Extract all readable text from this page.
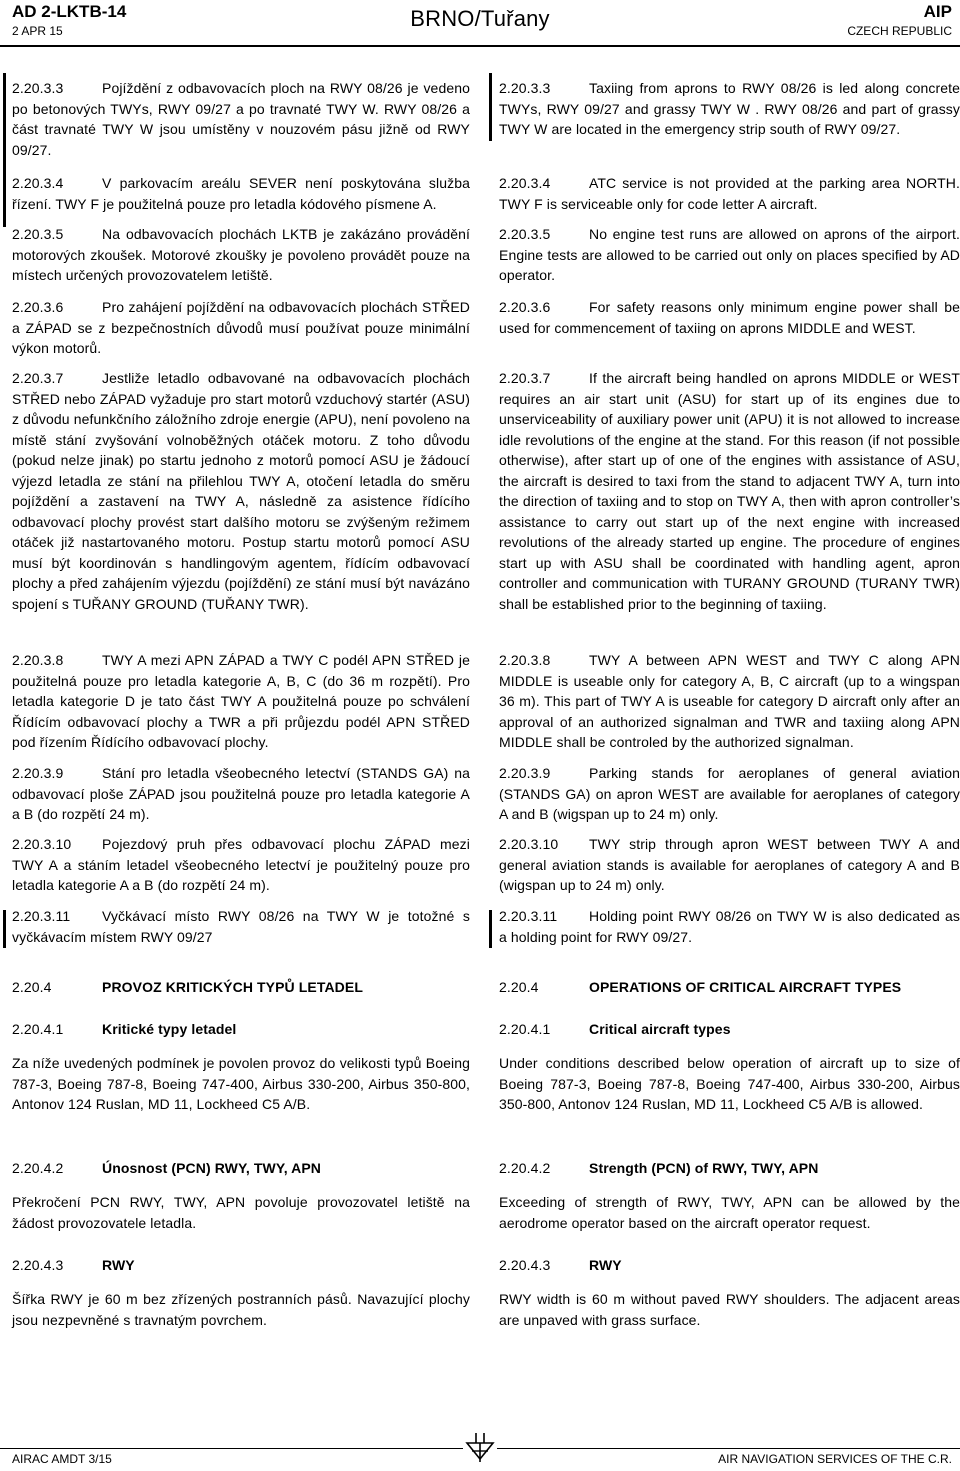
AD 2-LKTB-14
2 APR 15	BRNO/Tuřany	AIP
CZECH REPUBLIC

2.20.3.3	Pojíždění z odbavovacích ploch na RWY 08/26 je vedeno po betonových TWYs, RWY 09/27 a po travnaté TWY W. RWY 08/26 a část travnaté TWY W jsou umístěny v nouzovém pásu jižně od RWY 09/27.

2.20.3.4	V parkovacím areálu SEVER není poskytována služba řízení. TWY F je použitelná pouze pro letadla kódového písmene A.

2.20.3.5	Na odbavovacích plochách LKTB je zakázáno provádění motorových zkoušek. Motorové zkoušky je povoleno provádět pouze na místech určených provozovatelem letiště.

2.20.3.6	Pro zahájení pojíždění na odbavovacích plochách STŘED a ZÁPAD se z bezpečnostních důvodů musí používat pouze minimální výkon motorů.

2.20.3.7	Jestliže letadlo odbavované na odbavovacích plochách STŘED nebo ZÁPAD vyžaduje pro start motorů vzduchový startér (ASU) z důvodu nefunkčního záložního zdroje energie (APU), není povoleno na místě stání zvyšování volnoběžných otáček motoru. Z toho důvodu (pokud nelze jinak) po startu jednoho z motorů pomocí ASU je žádoucí výjezd letadla ze stání na přilehlou TWY A, otočení letadla do směru pojíždění a zastavení na TWY A, následně za asistence řídícího odbavovací plochy provést start dalšího motoru se zvýšeným režimem otáček již nastartovaného motoru. Postup startu motorů pomocí ASU musí být koordinován s handlingovým agentem, řídícím odbavovací plochy a před zahájením výjezdu (pojíždění) ze stání musí být navázáno spojení s TUŘANY GROUND (TUŘANY TWR).

2.20.3.8	TWY A mezi APN ZÁPAD a TWY C podél APN STŘED je použitelná pouze pro letadla kategorie A, B, C (do 36 m rozpětí). Pro letadla kategorie D je tato část TWY A použitelná pouze po schválení Řídícím odbavovací plochy a TWR a při průjezdu podél APN STŘED pod řízením Řídícího odbavovací plochy.

2.20.3.9	Stání pro letadla všeobecného letectví (STANDS GA) na odbavovací ploše ZÁPAD jsou použitelná pouze pro letadla kategorie A a B (do rozpětí 24 m).

2.20.3.10 Pojezdový pruh přes odbavovací plochu ZÁPAD mezi TWY A a stáním letadel všeobecného letectví je použitelný pouze pro letadla kategorie A a B (do rozpětí 24 m).

2.20.3.11 Vyčkávací místo RWY 08/26 na TWY W je totožné s vyčkávacím místem RWY 09/27

2.20.4	PROVOZ KRITICKÝCH TYPŮ LETADEL

2.20.4.1	Kritické typy letadel

Za níže uvedených podmínek je povolen provoz do velikosti typů Boeing 787-3, Boeing 787-8, Boeing 747-400, Airbus 330-200, Airbus 350-800, Antonov 124 Ruslan, MD 11, Lockheed C5 A/B.

2.20.4.2	Únosnost (PCN) RWY, TWY, APN

Překročení PCN RWY, TWY, APN povoluje provozovatel letiště na žádost provozovatele letadla.

2.20.4.3	RWY

Šířka RWY je 60 m bez zřízených postranních pásů. Navazující plochy jsou nezpevněné s travnatým povrchem.

2.20.3.3	Taxiing from aprons to RWY 08/26 is led along concrete TWYs, RWY 09/27 and grassy TWY W . RWY 08/26 and part of grassy TWY W are located in the emergency strip south of RWY 09/27.

2.20.3.4	ATC service is not provided at the parking area NORTH. TWY F is serviceable only for code letter A aircraft.

2.20.3.5	No engine test runs are allowed on aprons of the airport. Engine tests are allowed to be carried out only on places specified by AD operator.

2.20.3.6	For safety reasons only minimum engine power shall be used for commencement of taxiing on aprons MIDDLE and WEST.

2.20.3.7	If the aircraft being handled on aprons MIDDLE or WEST requires an air start unit (ASU) for start up of its engines due to unserviceability of auxiliary power unit (APU) it is not allowed to increase idle revolutions of the engine at the stand. For this reason (if not possible otherwise), after start up of one of the engines with assistance of ASU, the aircraft is desired to taxi from the stand to adjacent TWY A, turn into the direction of taxiing and to stop on TWY A, then with apron controller’s assistance to carry out start up of the next engine with increased revolutions of the already started up engine. The procedure of engines start up with ASU shall be coordinated with handling agent, apron controller and communication with TURANY GROUND (TURANY TWR) shall be established prior to the beginning of taxiing.

2.20.3.8	TWY A between APN WEST and TWY C along APN MIDDLE is useable only for category A, B, C aircraft (up to a wingspan 36 m). This part of TWY A is useable for category D aircraft only after an approval of an authorized signalman and TWR and taxiing along APN MIDDLE shall be controled by the authorized signalman.

2.20.3.9	Parking stands for aeroplanes of general aviation (STANDS GA) on apron WEST are available for aeroplanes of category A and B (wigspan up to 24 m) only.

2.20.3.10 TWY strip through apron WEST between TWY A and general aviation stands is available for aeroplanes of category A and B (wigspan up to 24 m) only.

2.20.3.11 Holding point RWY 08/26 on TWY W is also dedicated as a holding point for RWY 09/27.

2.20.4	OPERATIONS OF CRITICAL AIRCRAFT TYPES

2.20.4.1	Critical aircraft types

Under conditions described below operation of aircraft up to size of Boeing 787-3, Boeing 787-8, Boeing 747-400, Airbus 330-200, Airbus 350-800, Antonov 124 Ruslan, MD 11, Lockheed C5 A/B is allowed.

2.20.4.2	Strength (PCN) of RWY, TWY, APN

Exceeding of strength of RWY, TWY, APN can be allowed by the aerodrome operator based on the aircraft operator request.

2.20.4.3	RWY

RWY width is 60 m without paved RWY shoulders. The adjacent areas are unpaved with grass surface.

AIRAC AMDT 3/15	AIR NAVIGATION SERVICES OF THE C.R.
